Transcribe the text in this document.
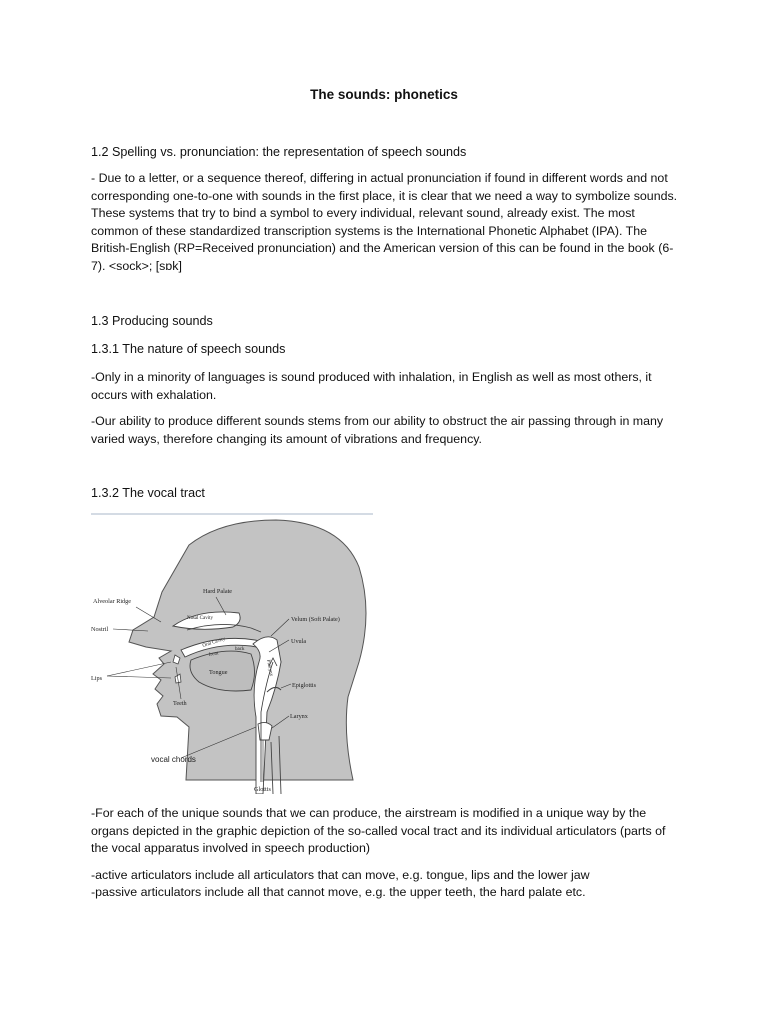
The sounds: phonetics

1.2 Spelling vs. pronunciation: the representation of speech sounds

- Due to a letter, or a sequence thereof, differing in actual pronunciation if found in different words and not corresponding one-to-one with sounds in the first place, it is clear that we need a way to symbolize sounds. These systems that try to bind a symbol to every individual, relevant sound, already exist. The most common of these standardized transcription systems is the International Phonetic Alphabet (IPA). The British-English (RP=Received pronunciation) and the American version of this can be found in the book (6-7). <sock>; [sɒk]

1.3 Producing sounds

1.3.1 The nature of speech sounds

-Only in a minority of languages is sound produced with inhalation, in English as well as most others, it occurs with exhalation.

-Our ability to produce different sounds stems from our ability to obstruct the air passing through in many varied ways, therefore changing its amount of vibrations and frequency.

1.3.2 The vocal tract

Alveolar Ridge
Hard Palate
Nasal Cavity	Velum (Soft Palate)
Uvula
Nostril
Oral Cavity
front
back
Pharynx
Lips
Tongue
Epiglottis
Teeth
Larynx
vocal chords
Glottis

-For each of the unique sounds that we can produce, the airstream is modified in a unique way by the organs depicted in the graphic depiction of the so-called vocal tract and its individual articulators (parts of the vocal apparatus involved in speech production)

-active articulators include all articulators that can move, e.g. tongue, lips and the lower jaw

-passive articulators include all that cannot move, e.g. the upper teeth, the hard palate etc.
